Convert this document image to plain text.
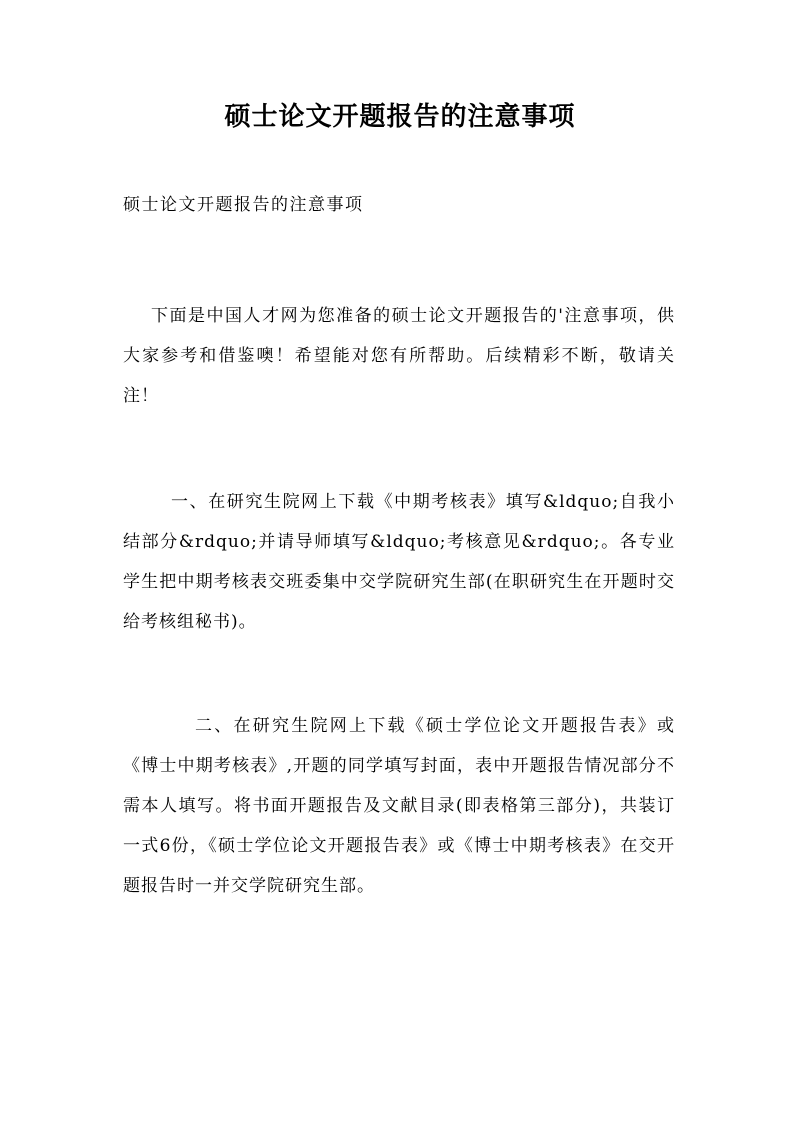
硕士论文开题报告的注意事项

硕士论文开题报告的注意事项

下面是中国人才网为您准备的硕士论文开题报告的'注意事项，供大家参考和借鉴噢！希望能对您有所帮助。后续精彩不断，敬请关注！

一、在研究生院网上下载《中期考核表》填写&ldquo;自我小结部分&rdquo;并请导师填写&ldquo;考核意见&rdquo;。各专业学生把中期考核表交班委集中交学院研究生部(在职研究生在开题时交给考核组秘书)。

二、在研究生院网上下载《硕士学位论文开题报告表》或《博士中期考核表》,开题的同学填写封面，表中开题报告情况部分不需本人填写。将书面开题报告及文献目录(即表格第三部分)，共装订一式6份，《硕士学位论文开题报告表》或《博士中期考核表》在交开题报告时一并交学院研究生部。
